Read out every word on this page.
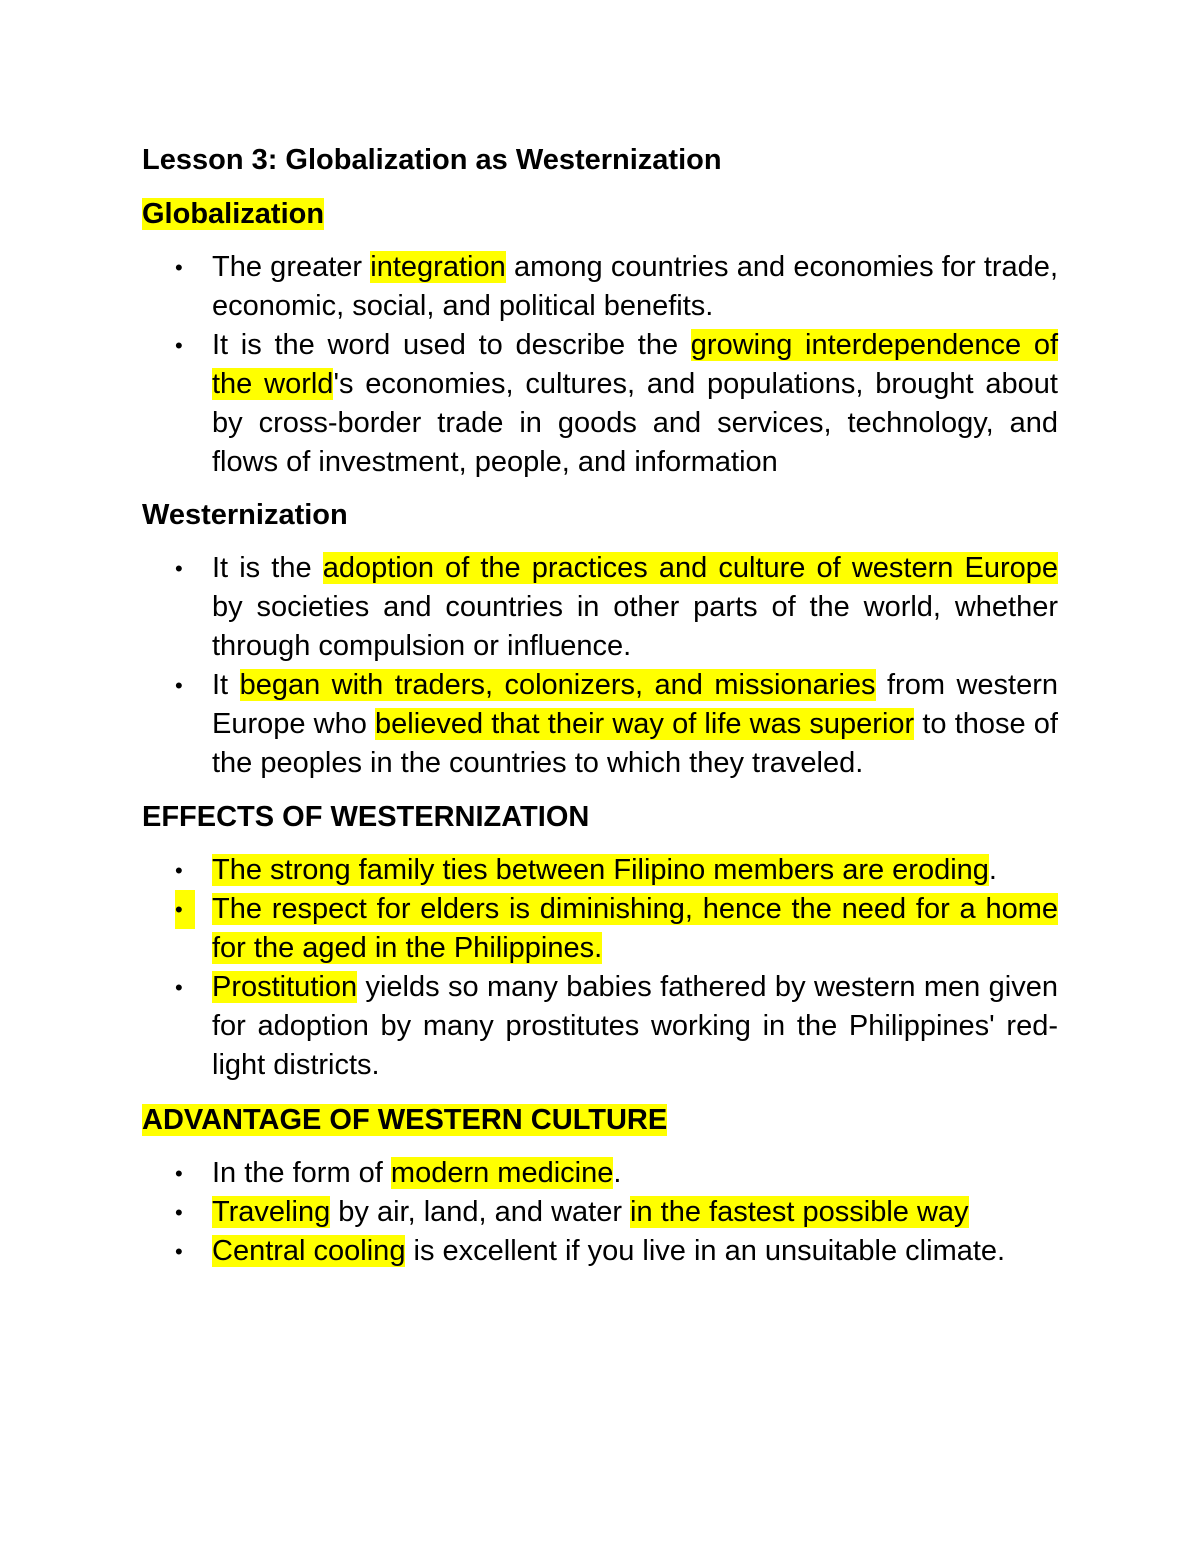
Lesson 3: Globalization as Westernization
Globalization
•	The greater integration among countries and economies for trade, economic, social, and political benefits.
•	It is the word used to describe the growing interdependence of the world's economies, cultures, and populations, brought about by cross-border trade in goods and services, technology, and flows of investment, people, and information
Westernization
•	It is the adoption of the practices and culture of western Europe by societies and countries in other parts of the world, whether through compulsion or influence.
•	It began with traders, colonizers, and missionaries from western Europe who believed that their way of life was superior to those of the peoples in the countries to which they traveled.
EFFECTS OF WESTERNIZATION
•	The strong family ties between Filipino members are eroding.
•	The respect for elders is diminishing, hence the need for a home for the aged in the Philippines.
•	Prostitution yields so many babies fathered by western men given for adoption by many prostitutes working in the Philippines' red-light districts.
ADVANTAGE OF WESTERN CULTURE
•	In the form of modern medicine.
•	Traveling by air, land, and water in the fastest possible way
•	Central cooling is excellent if you live in an unsuitable climate.
